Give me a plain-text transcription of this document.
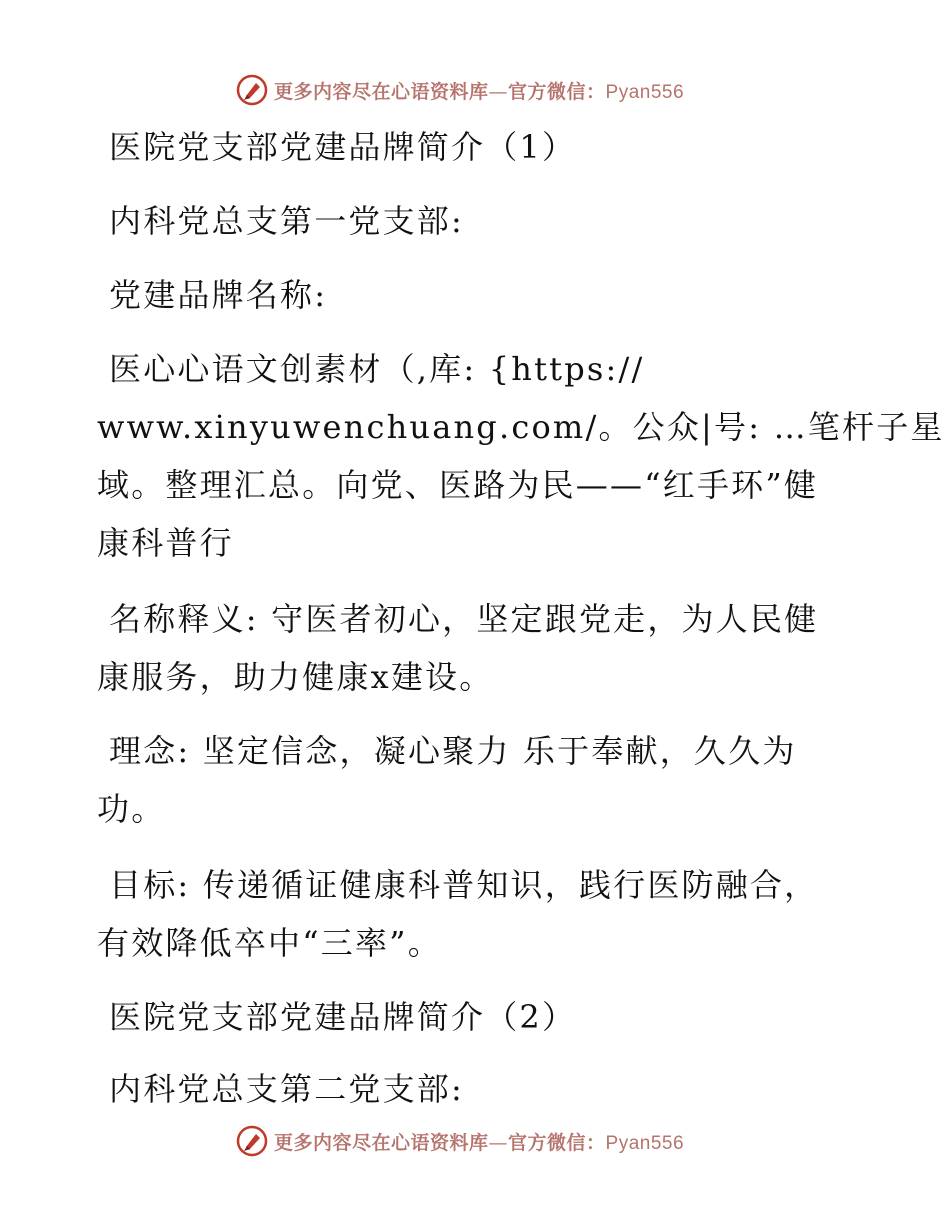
更多内容尽在心语资料库—官方微信：Pyan556

医院党支部党建品牌简介（1）

内科党总支第一党支部:

党建品牌名称:

医心心语文创素材（,库: {https://
www.xinyuwenchuang.com/。公众|号: …笔杆子星
域。整理汇总。向党、医路为民——“红手环”健
康科普行

名称释义: 守医者初心，坚定跟党走，为人民健
康服务，助力健康x建设。

理念: 坚定信念，凝心聚力 乐于奉献，久久为
功。

目标: 传递循证健康科普知识，践行医防融合，
有效降低卒中“三率”。

医院党支部党建品牌简介（2）

内科党总支第二党支部:

更多内容尽在心语资料库—官方微信：Pyan556
